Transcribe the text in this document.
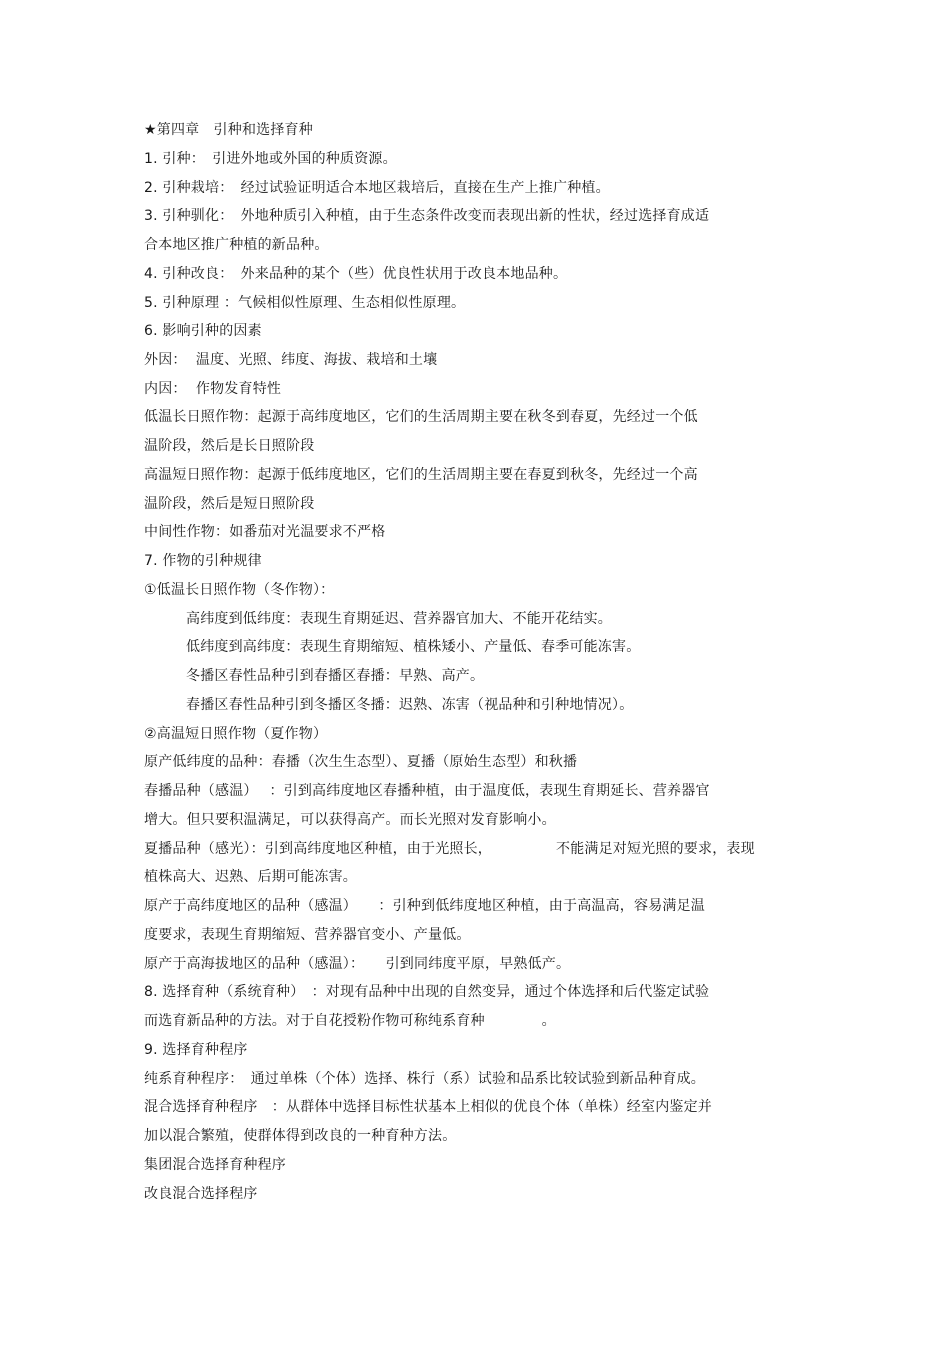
★第四章　引种和选择育种
1. 引种：　引进外地或外国的种质资源。
2. 引种栽培：　经过试验证明适合本地区栽培后，直接在生产上推广种植。
3. 引种驯化：　外地种质引入种植，由于生态条件改变而表现出新的性状，经过选择育成适
合本地区推广种植的新品种。
4. 引种改良：　外来品种的某个（些）优良性状用于改良本地品种。
5. 引种原理 ：气候相似性原理、生态相似性原理。
6. 影响引种的因素
外因：  温度、光照、纬度、海拔、栽培和土壤
内因：  作物发育特性
低温长日照作物：起源于高纬度地区，它们的生活周期主要在秋冬到春夏，先经过一个低
温阶段，然后是长日照阶段
高温短日照作物：起源于低纬度地区，它们的生活周期主要在春夏到秋冬，先经过一个高
温阶段，然后是短日照阶段
中间性作物：如番茄对光温要求不严格
7. 作物的引种规律
①低温长日照作物（冬作物）：
高纬度到低纬度：表现生育期延迟、营养器官加大、不能开花结实。
低纬度到高纬度：表现生育期缩短、植株矮小、产量低、春季可能冻害。
冬播区春性品种引到春播区春播：早熟、高产。
春播区春性品种引到冬播区冬播：迟熟、冻害（视品种和引种地情况）。
②高温短日照作物（夏作物）
原产低纬度的品种：春播（次生生态型）、夏播（原始生态型）和秋播
春播品种（感温）　 ：引到高纬度地区春播种植，由于温度低，表现生育期延长、营养器官
增大。但只要积温满足，可以获得高产。而长光照对发育影响小。
夏播品种（感光）：引到高纬度地区种植，由于光照长，　　　　　不能满足对短光照的要求，表现
植株高大、迟熟、后期可能冻害。
原产于高纬度地区的品种（感温）　　：引种到低纬度地区种植，由于高温高，容易满足温
度要求，表现生育期缩短、营养器官变小、产量低。
原产于高海拔地区的品种（感温）：　　引到同纬度平原，早熟低产。
8. 选择育种（系统育种）　：对现有品种中出现的自然变异，通过个体选择和后代鉴定试验
而选育新品种的方法。对于自花授粉作物可称纯系育种　　　　。
9. 选择育种程序
纯系育种程序：　通过单株（个体）选择、株行（系）试验和品系比较试验到新品种育成。
混合选择育种程序　：从群体中选择目标性状基本上相似的优良个体（单株）经室内鉴定并
加以混合繁殖，使群体得到改良的一种育种方法。
集团混合选择育种程序
改良混合选择程序
